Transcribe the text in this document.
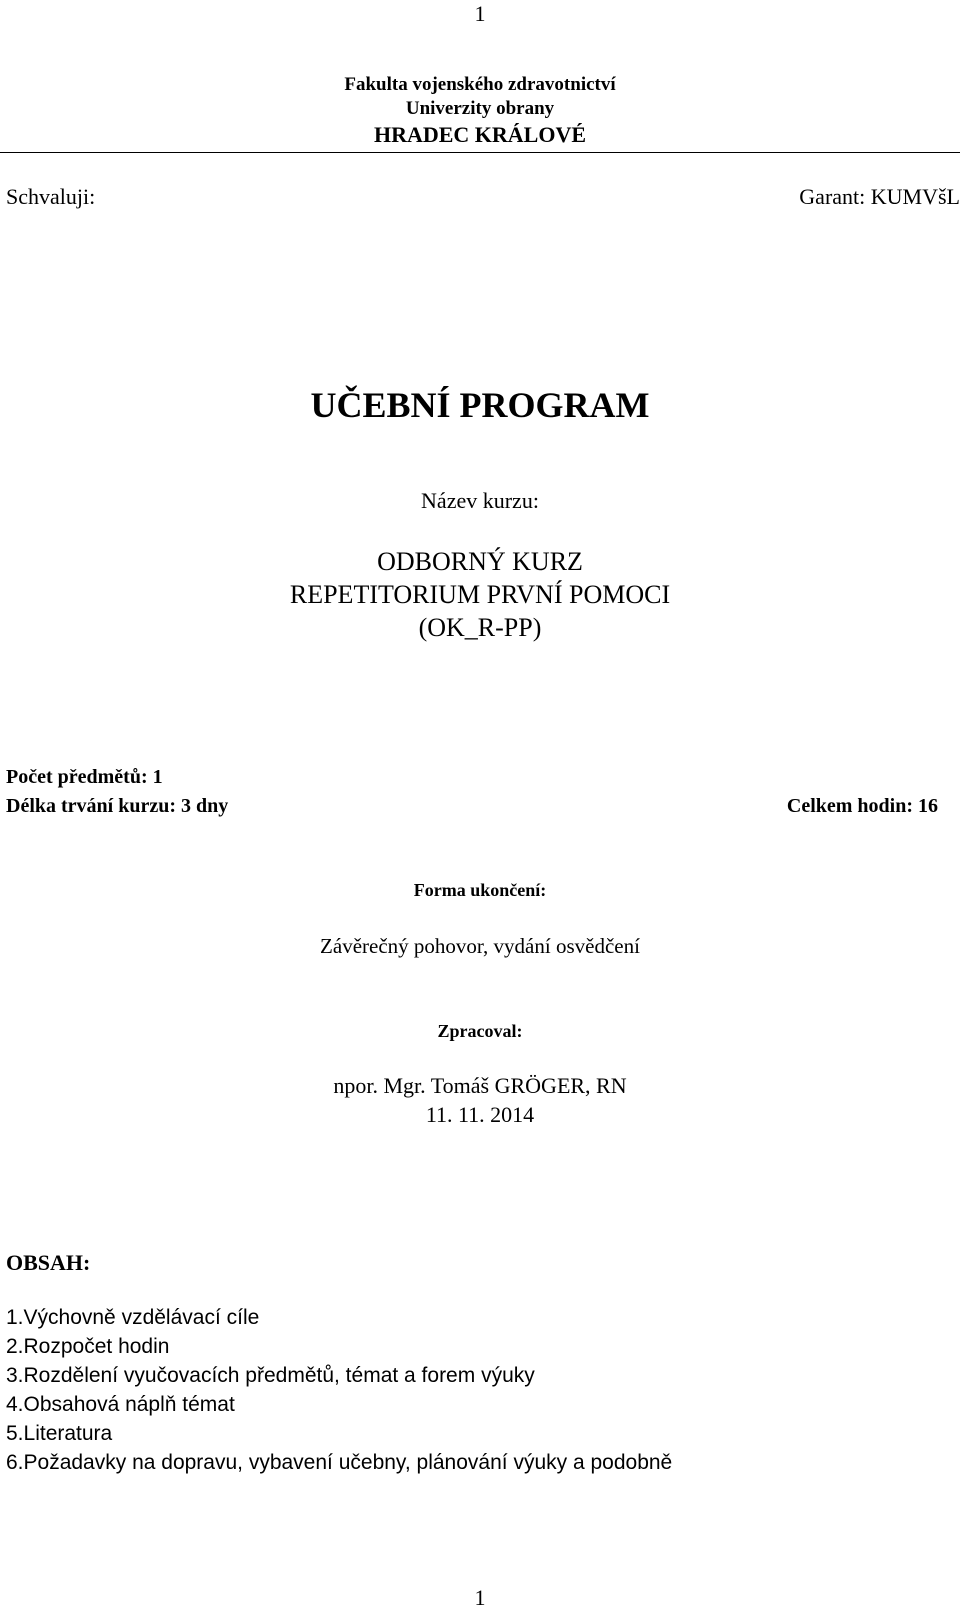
1
Fakulta vojenského zdravotnictví
Univerzity obrany
HRADEC KRÁLOVÉ
Schvaluji:	Garant: KUMVšL
UČEBNÍ PROGRAM
Název kurzu:
ODBORNÝ KURZ
REPETITORIUM PRVNÍ POMOCI
(OK_R-PP)
Počet předmětů: 1
Délka trvání kurzu: 3 dny	Celkem hodin: 16
Forma ukončení:
Závěrečný pohovor, vydání osvědčení
Zpracoval:
npor. Mgr. Tomáš GRÖGER, RN
11. 11. 2014
OBSAH:
1.Výchovně vzdělávací cíle
2.Rozpočet hodin
3.Rozdělení vyučovacích předmětů, témat a forem výuky
4.Obsahová náplň témat
5.Literatura
6.Požadavky na dopravu, vybavení učebny, plánování výuky a podobně
1
